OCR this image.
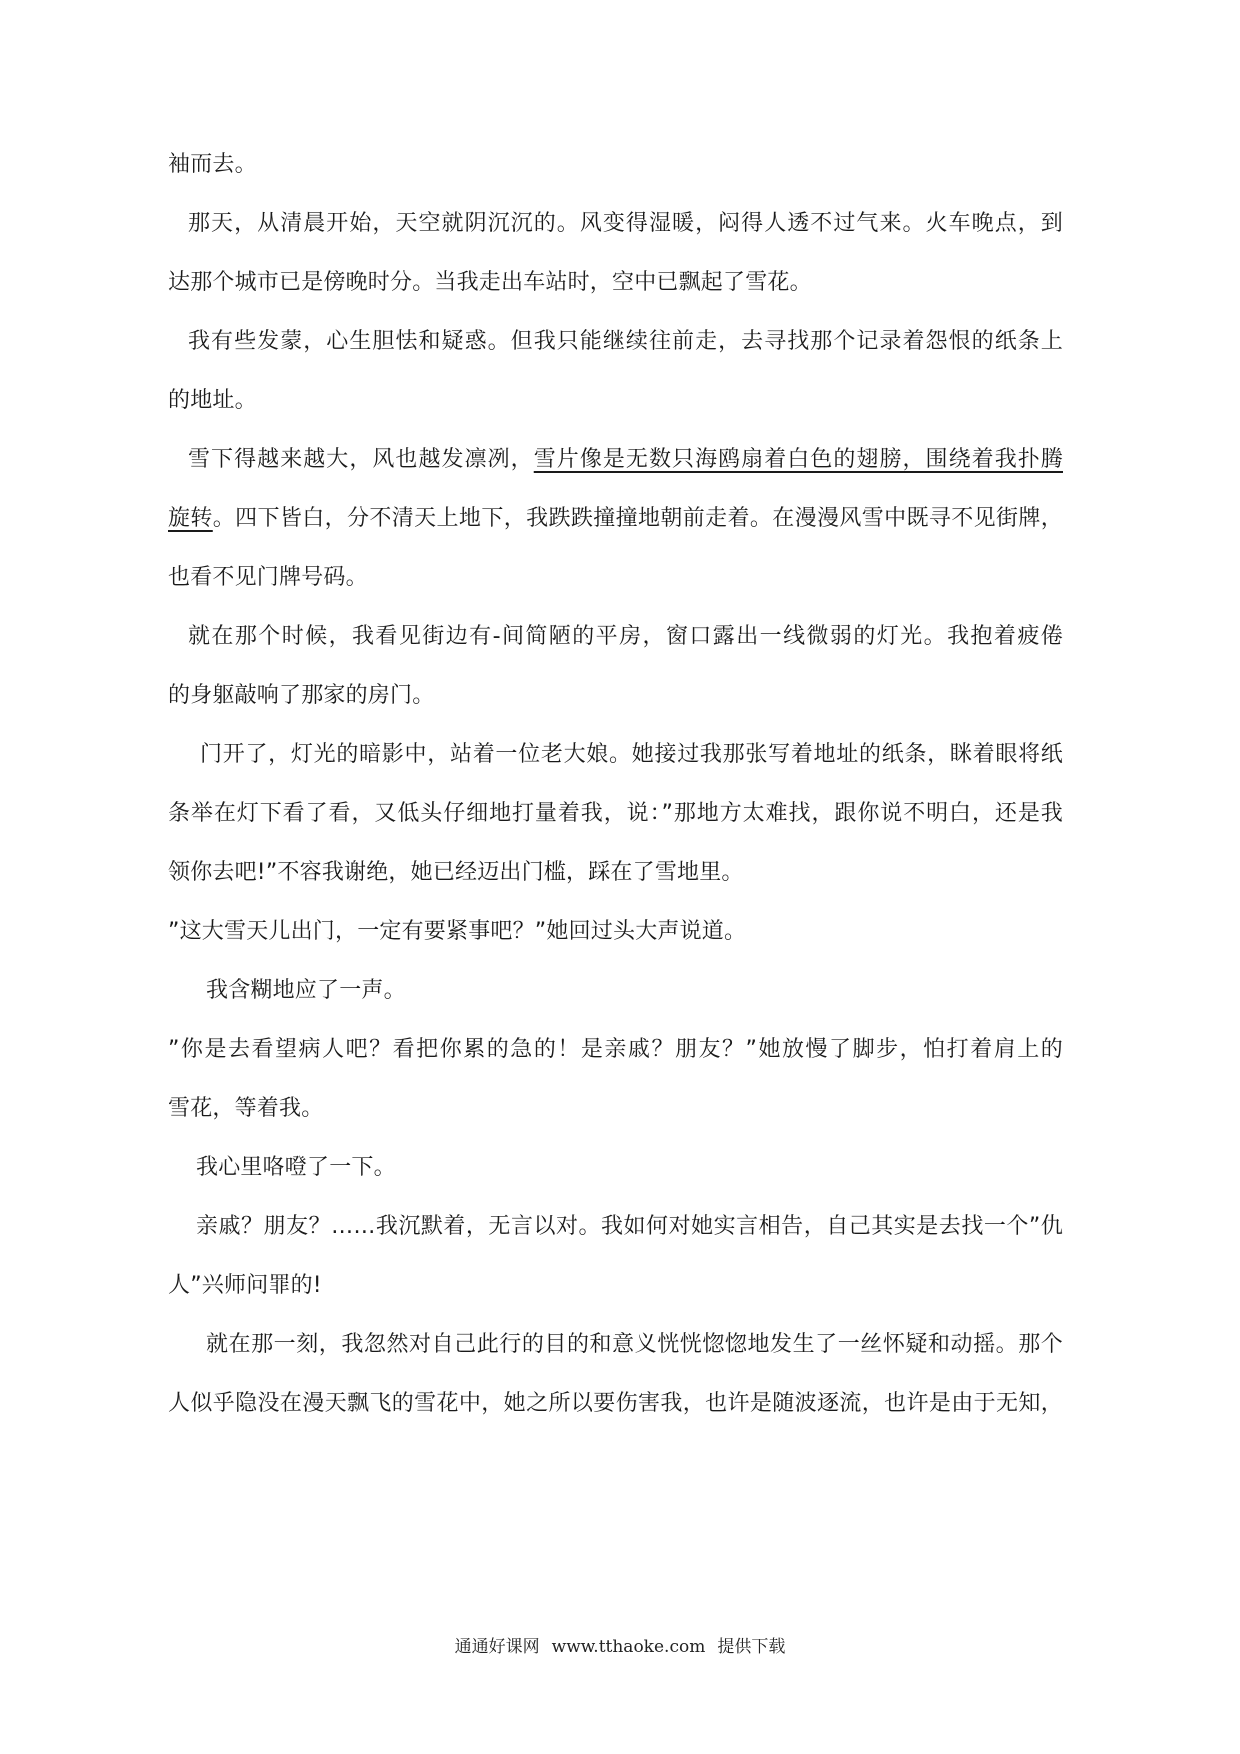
袖而去。
那天，从清晨开始，天空就阴沉沉的。风变得湿暖，闷得人透不过气来。火车晚点，到
达那个城市已是傍晚时分。当我走出车站时，空中已飘起了雪花。
我有些发蒙，心生胆怯和疑惑。但我只能继续往前走，去寻找那个记录着怨恨的纸条上
的地址。
雪下得越来越大，风也越发凛冽，雪片像是无数只海鸥扇着白色的翅膀，围绕着我扑腾
旋转。四下皆白，分不清天上地下，我跌跌撞撞地朝前走着。在漫漫风雪中既寻不见街牌，
也看不见门牌号码。
就在那个时候，我看见街边有-间简陋的平房，窗口露出一线微弱的灯光。我抱着疲倦
的身躯敲响了那家的房门。
门开了，灯光的暗影中，站着一位老大娘。她接过我那张写着地址的纸条，眯着眼将纸
条举在灯下看了看，又低头仔细地打量着我，说：”那地方太难找，跟你说不明白，还是我
领你去吧!”不容我谢绝，她已经迈出门槛，踩在了雪地里。
”这大雪天儿出门，一定有要紧事吧？”她回过头大声说道。
我含糊地应了一声。
”你是去看望病人吧？看把你累的急的！是亲戚？朋友？”她放慢了脚步，怕打着肩上的
雪花，等着我。
我心里咯噔了一下。
亲戚？朋友？……我沉默着，无言以对。我如何对她实言相告，自己其实是去找一个”仇
人”兴师问罪的!
就在那一刻，我忽然对自己此行的目的和意义恍恍惚惚地发生了一丝怀疑和动摇。那个
人似乎隐没在漫天飘飞的雪花中，她之所以要伤害我，也许是随波逐流，也许是由于无知，
通通好课网 www.tthaoke.com 提供下载
